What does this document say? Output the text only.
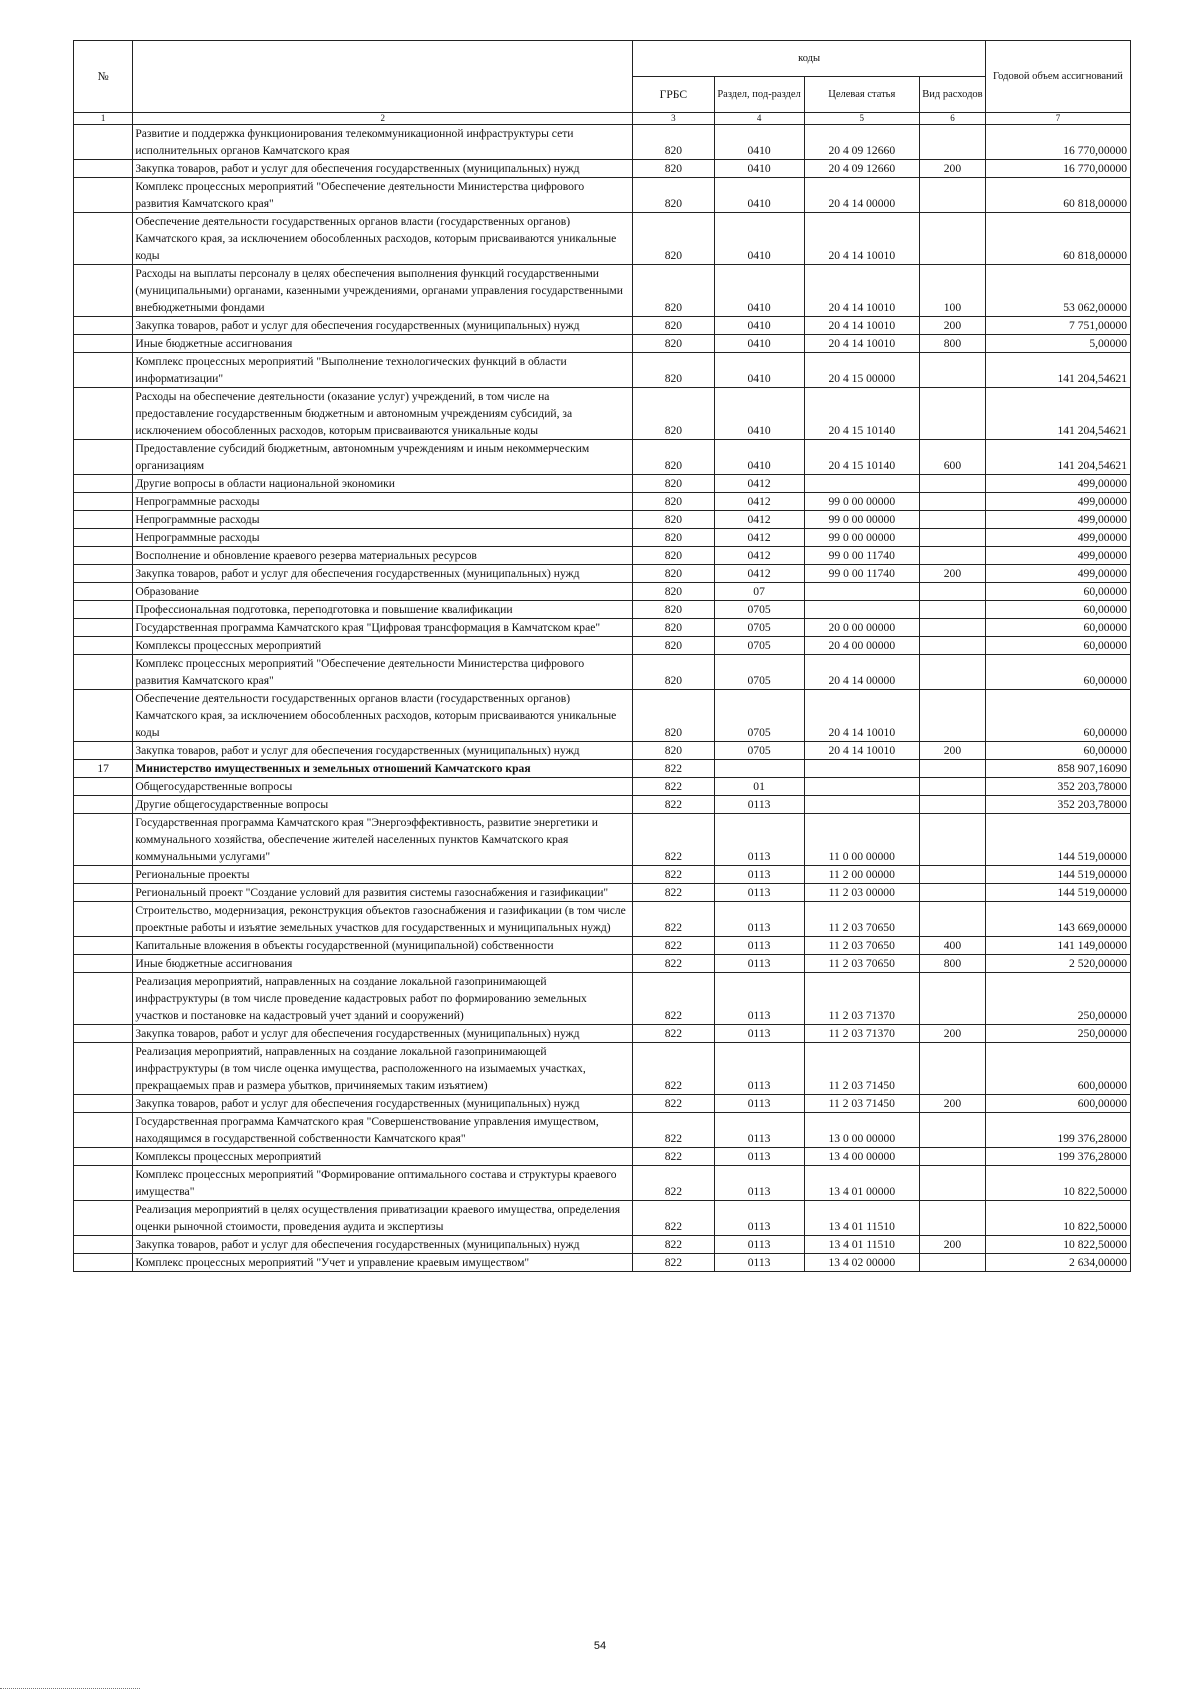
№		коды				Годовой объем ассигнований
		ГРБС	Раздел, под-раздел	Целевая статья	Вид расходов	
1	2	3	4	5	6	7
	Развитие и поддержка функционирования телекоммуникационной инфраструктуры сети исполнительных органов Камчатского края	820	0410	20 4 09 12660		16 770,00000
	Закупка товаров, работ и услуг для обеспечения государственных (муниципальных) нужд	820	0410	20 4 09 12660	200	16 770,00000
	Комплекс процессных мероприятий "Обеспечение деятельности Министерства цифрового развития Камчатского края"	820	0410	20 4 14 00000		60 818,00000
	Обеспечение деятельности государственных органов власти (государственных органов) Камчатского края, за исключением обособленных расходов, которым присваиваются уникальные коды	820	0410	20 4 14 10010		60 818,00000
	Расходы на выплаты персоналу в целях обеспечения выполнения функций государственными (муниципальными) органами, казенными учреждениями, органами управления государственными внебюджетными фондами	820	0410	20 4 14 10010	100	53 062,00000
	Закупка товаров, работ и услуг для обеспечения государственных (муниципальных) нужд	820	0410	20 4 14 10010	200	7 751,00000
	Иные бюджетные ассигнования	820	0410	20 4 14 10010	800	5,00000
	Комплекс процессных мероприятий "Выполнение технологических функций в области информатизации"	820	0410	20 4 15 00000		141 204,54621
	Расходы на обеспечение деятельности (оказание услуг) учреждений, в том числе на предоставление государственным бюджетным и автономным учреждениям субсидий, за исключением обособленных расходов, которым присваиваются уникальные коды	820	0410	20 4 15 10140		141 204,54621
	Предоставление субсидий бюджетным, автономным учреждениям и иным некоммерческим организациям	820	0410	20 4 15 10140	600	141 204,54621
	Другие вопросы в области национальной экономики	820	0412			499,00000
	Непрограммные расходы	820	0412	99 0 00 00000		499,00000
	Непрограммные расходы	820	0412	99 0 00 00000		499,00000
	Непрограммные расходы	820	0412	99 0 00 00000		499,00000
	Восполнение и обновление краевого резерва материальных ресурсов	820	0412	99 0 00 11740		499,00000
	Закупка товаров, работ и услуг для обеспечения государственных (муниципальных) нужд	820	0412	99 0 00 11740	200	499,00000
	Образование	820	07			60,00000
	Профессиональная подготовка, переподготовка и повышение квалификации	820	0705			60,00000
	Государственная программа Камчатского края "Цифровая трансформация в Камчатском крае"	820	0705	20 0 00 00000		60,00000
	Комплексы процессных мероприятий	820	0705	20 4 00 00000		60,00000
	Комплекс процессных мероприятий "Обеспечение деятельности Министерства цифрового развития Камчатского края"	820	0705	20 4 14 00000		60,00000
	Обеспечение деятельности государственных органов власти (государственных органов) Камчатского края, за исключением обособленных расходов, которым присваиваются уникальные коды	820	0705	20 4 14 10010		60,00000
	Закупка товаров, работ и услуг для обеспечения государственных (муниципальных) нужд	820	0705	20 4 14 10010	200	60,00000
17	Министерство имущественных и земельных отношений Камчатского края	822				858 907,16090
	Общегосударственные вопросы	822	01			352 203,78000
	Другие общегосударственные вопросы	822	0113			352 203,78000
	Государственная программа Камчатского края "Энергоэффективность, развитие энергетики и коммунального хозяйства, обеспечение жителей населенных пунктов Камчатского края коммунальными услугами"	822	0113	11 0 00 00000		144 519,00000
	Региональные проекты	822	0113	11 2 00 00000		144 519,00000
	Региональный проект "Создание условий для развития системы газоснабжения и газификации"	822	0113	11 2 03 00000		144 519,00000
	Строительство, модернизация, реконструкция объектов газоснабжения и газификации (в том числе проектные работы и изъятие земельных участков для государственных и муниципальных нужд)	822	0113	11 2 03 70650		143 669,00000
	Капитальные вложения в объекты государственной (муниципальной) собственности	822	0113	11 2 03 70650	400	141 149,00000
	Иные бюджетные ассигнования	822	0113	11 2 03 70650	800	2 520,00000
	Реализация мероприятий, направленных на создание локальной газопринимающей инфраструктуры (в том числе проведение кадастровых работ по формированию земельных участков и постановке на кадастровый учет зданий и сооружений)	822	0113	11 2 03 71370		250,00000
	Закупка товаров, работ и услуг для обеспечения государственных (муниципальных) нужд	822	0113	11 2 03 71370	200	250,00000
	Реализация мероприятий, направленных на создание локальной газопринимающей инфраструктуры (в том числе оценка имущества, расположенного на изымаемых участках, прекращаемых прав и размера убытков, причиняемых таким изъятием)	822	0113	11 2 03 71450		600,00000
	Закупка товаров, работ и услуг для обеспечения государственных (муниципальных) нужд	822	0113	11 2 03 71450	200	600,00000
	Государственная программа Камчатского края "Совершенствование управления имуществом, находящимся в государственной собственности Камчатского края"	822	0113	13 0 00 00000		199 376,28000
	Комплексы процессных мероприятий	822	0113	13 4 00 00000		199 376,28000
	Комплекс процессных мероприятий "Формирование оптимального состава и структуры краевого имущества"	822	0113	13 4 01 00000		10 822,50000
	Реализация мероприятий в целях осуществления приватизации краевого имущества, определения оценки рыночной стоимости, проведения аудита и экспертизы	822	0113	13 4 01 11510		10 822,50000
	Закупка товаров, работ и услуг для обеспечения государственных (муниципальных) нужд	822	0113	13 4 01 11510	200	10 822,50000
	Комплекс процессных мероприятий "Учет и управление краевым имуществом"	822	0113	13 4 02 00000		2 634,00000
54
